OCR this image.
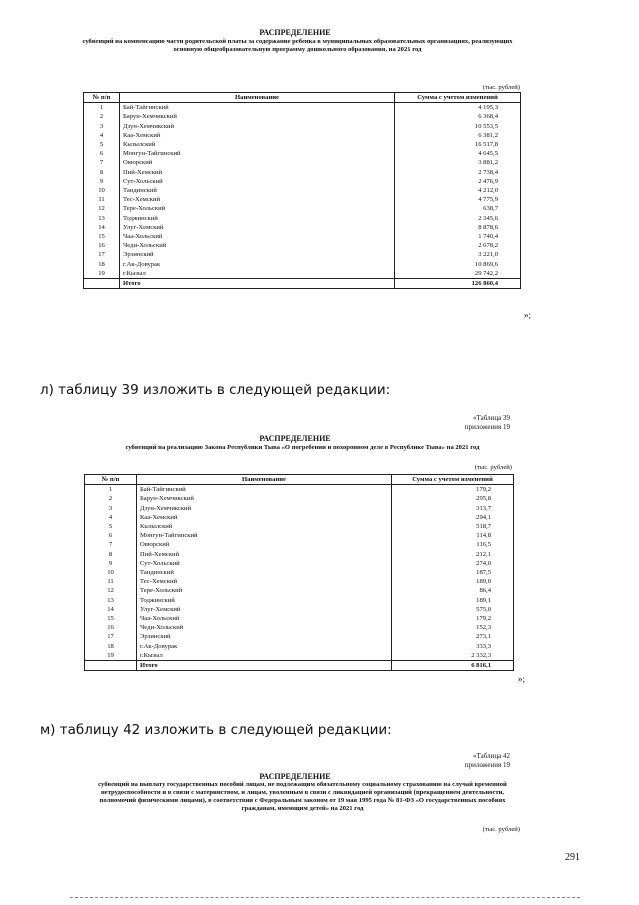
РАСПРЕДЕЛЕНИЕ
субвенций на компенсацию части родительской платы за содержание ребенка в муниципальных образовательных организациях, реализующих основную общеобразовательную программу дошкольного образования, на 2021 год
(тыс. рублей)
№ п/п	Наименование	Сумма с учетом изменений
1	Бай-Тайгинский	4 195,3
2	Барун-Хемчикский	6 368,4
3	Дзун-Хемчикский	10 553,5
4	Каа-Хемский	6 381,2
5	Кызылский	16 517,8
6	Монгун-Тайгинский	4 645,5
7	Овюрский	3 881,2
8	Пий-Хемский	2 738,4
9	Сут-Хольский	2 476,9
10	Тандинский	4 212,0
11	Тес-Хемский	4 775,9
12	Тере-Хольский	638,7
13	Тоджинский	2 345,6
14	Улуг-Хемский	8 878,6
15	Чаа-Хольский	1 740,4
16	Чеди-Хольский	2 678,2
17	Эрзинский	3 221,0
18	г.Ак-Довурак	10 869,6
19	г.Кызыл	29 742,2
	Итого	126 860,4
»;
л) таблицу 39 изложить в следующей редакции:
«Таблица 39
приложения 19
РАСПРЕДЕЛЕНИЕ
субвенций на реализацию Закона Республики Тыва «О погребении и похоронном деле в Республике Тыва» на 2021 год
(тыс. рублей)
№ п/п	Наименование	Сумма с учетом изменений
1	Бай-Тайгинский	179,2
2	Барун-Хемчикский	295,8
3	Дзун-Хемчикский	313,7
4	Каа-Хемский	294,1
5	Кызылский	518,7
6	Монгун-Тайгинский	114,8
7	Овюрский	116,5
8	Пий-Хемский	212,1
9	Сут-Хольский	274,0
10	Тандинский	187,5
11	Тес-Хемский	189,0
12	Тере-Хольский	86,4
13	Тоджинский	189,1
14	Улуг-Хемский	575,0
15	Чаа-Хольский	179,2
16	Чеди-Хольский	152,3
17	Эрзинский	273,1
18	г.Ак-Довурак	333,3
19	г.Кызыл	2 332,3
	Итого	6 816,1
»;
м) таблицу 42 изложить в следующей редакции:
«Таблица 42
приложения 19
РАСПРЕДЕЛЕНИЕ
субвенций на выплату государственных пособий лицам, не подлежащим обязательному социальному страхованию на случай временной нетрудоспособности и в связи с материнством, и лицам, уволенным в связи с ликвидацией организаций (прекращением деятельности, полномочий физическими лицами), в соответствии с Федеральным законом от 19 мая 1995 года № 81-ФЗ «О государственных пособиях гражданам, имеющим детей» на 2021 год
(тыс. рублей)
291
